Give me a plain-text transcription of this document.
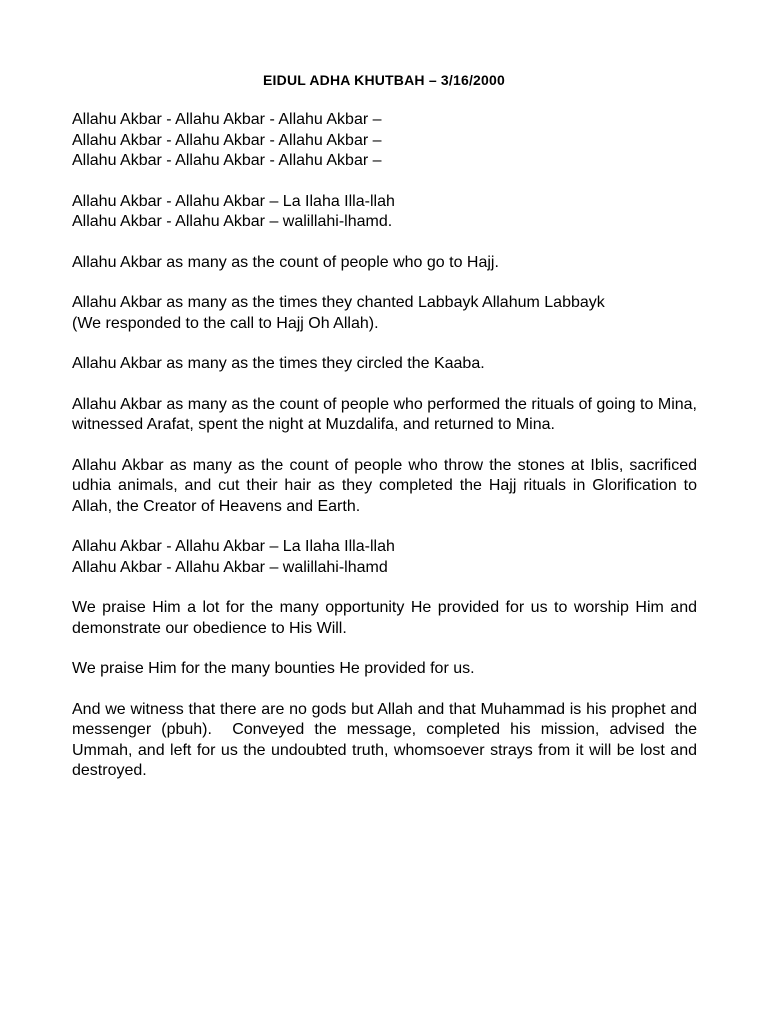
EIDUL ADHA KHUTBAH – 3/16/2000
Allahu Akbar - Allahu Akbar - Allahu Akbar –
Allahu Akbar - Allahu Akbar - Allahu Akbar –
Allahu Akbar - Allahu Akbar - Allahu Akbar –
Allahu Akbar - Allahu Akbar – La Ilaha Illa-llah
Allahu Akbar - Allahu Akbar – walillahi-lhamd.

Allahu Akbar as many as the count of people who go to Hajj.

Allahu Akbar as many as the times they chanted Labbayk Allahum Labbayk
(We responded to the call to Hajj Oh Allah).

Allahu Akbar as many as the times they circled the Kaaba.

Allahu Akbar as many as the count of people who performed the rituals of going to Mina, witnessed Arafat, spent the night at Muzdalifa, and returned to Mina.

Allahu Akbar as many as the count of people who throw the stones at Iblis, sacrificed udhia animals, and cut their hair as they completed the Hajj rituals in Glorification to Allah, the Creator of Heavens and Earth.

Allahu Akbar - Allahu Akbar – La Ilaha Illa-llah
Allahu Akbar - Allahu Akbar – walillahi-lhamd

We praise Him a lot for the many opportunity He provided for us to worship Him and demonstrate our obedience to His Will.

We praise Him for the many bounties He provided for us.

And we witness that there are no gods but Allah and that Muhammad is his prophet and messenger (pbuh).  Conveyed the message, completed his mission, advised the Ummah, and left for us the undoubted truth, whomsoever strays from it will be lost and destroyed.
